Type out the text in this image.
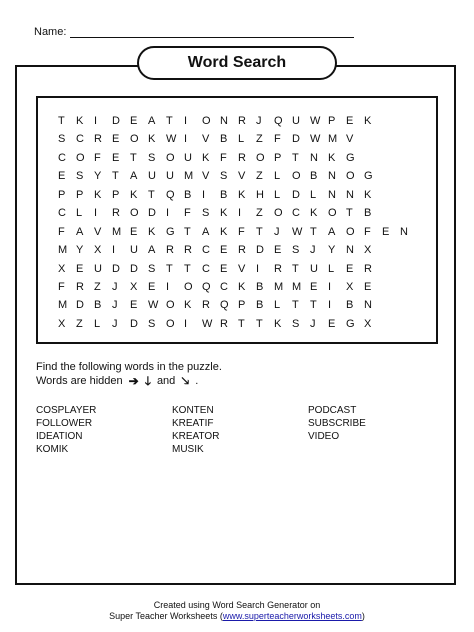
Name:
Word Search
T	K I	D E A T	I	O N R J	Q U W P E K
S C R E O K W I	V B L	Z	F	D W M V
C O F	E T	S O U K F	R O P T	N K G
E S Y T	A U U M V S V Z	L	O B N O G
P P K P K T	Q B I	B K H L	D L	N N K
C L	I	R O D I	F	S K I	Z	O C K O T	B
F	A V M E K G T	A K F	T	J	W T	A O F	E N
M Y X I	U A R R C E R D E S J	Y N X
X E U D D S T	T	C E V I	R T	U L	E R
F	R Z	J	X E I	O Q C K B M M E I	X E
M D B J	E W O K R Q P B L	T	T	I	B N
X Z	L	J	D S O I	W R T	T	K S J	E G X
Find the following words in the puzzle.
Words are hidden ➔ 🡓 and 🡖 .
COSPLAYER
FOLLOWER
IDEATION
KOMIK
KONTEN
KREATIF
KREATOR
MUSIK
PODCAST
SUBSCRIBE
VIDEO
Created using Word Search Generator on
Super Teacher Worksheets (www.superteacherworksheets.com)
